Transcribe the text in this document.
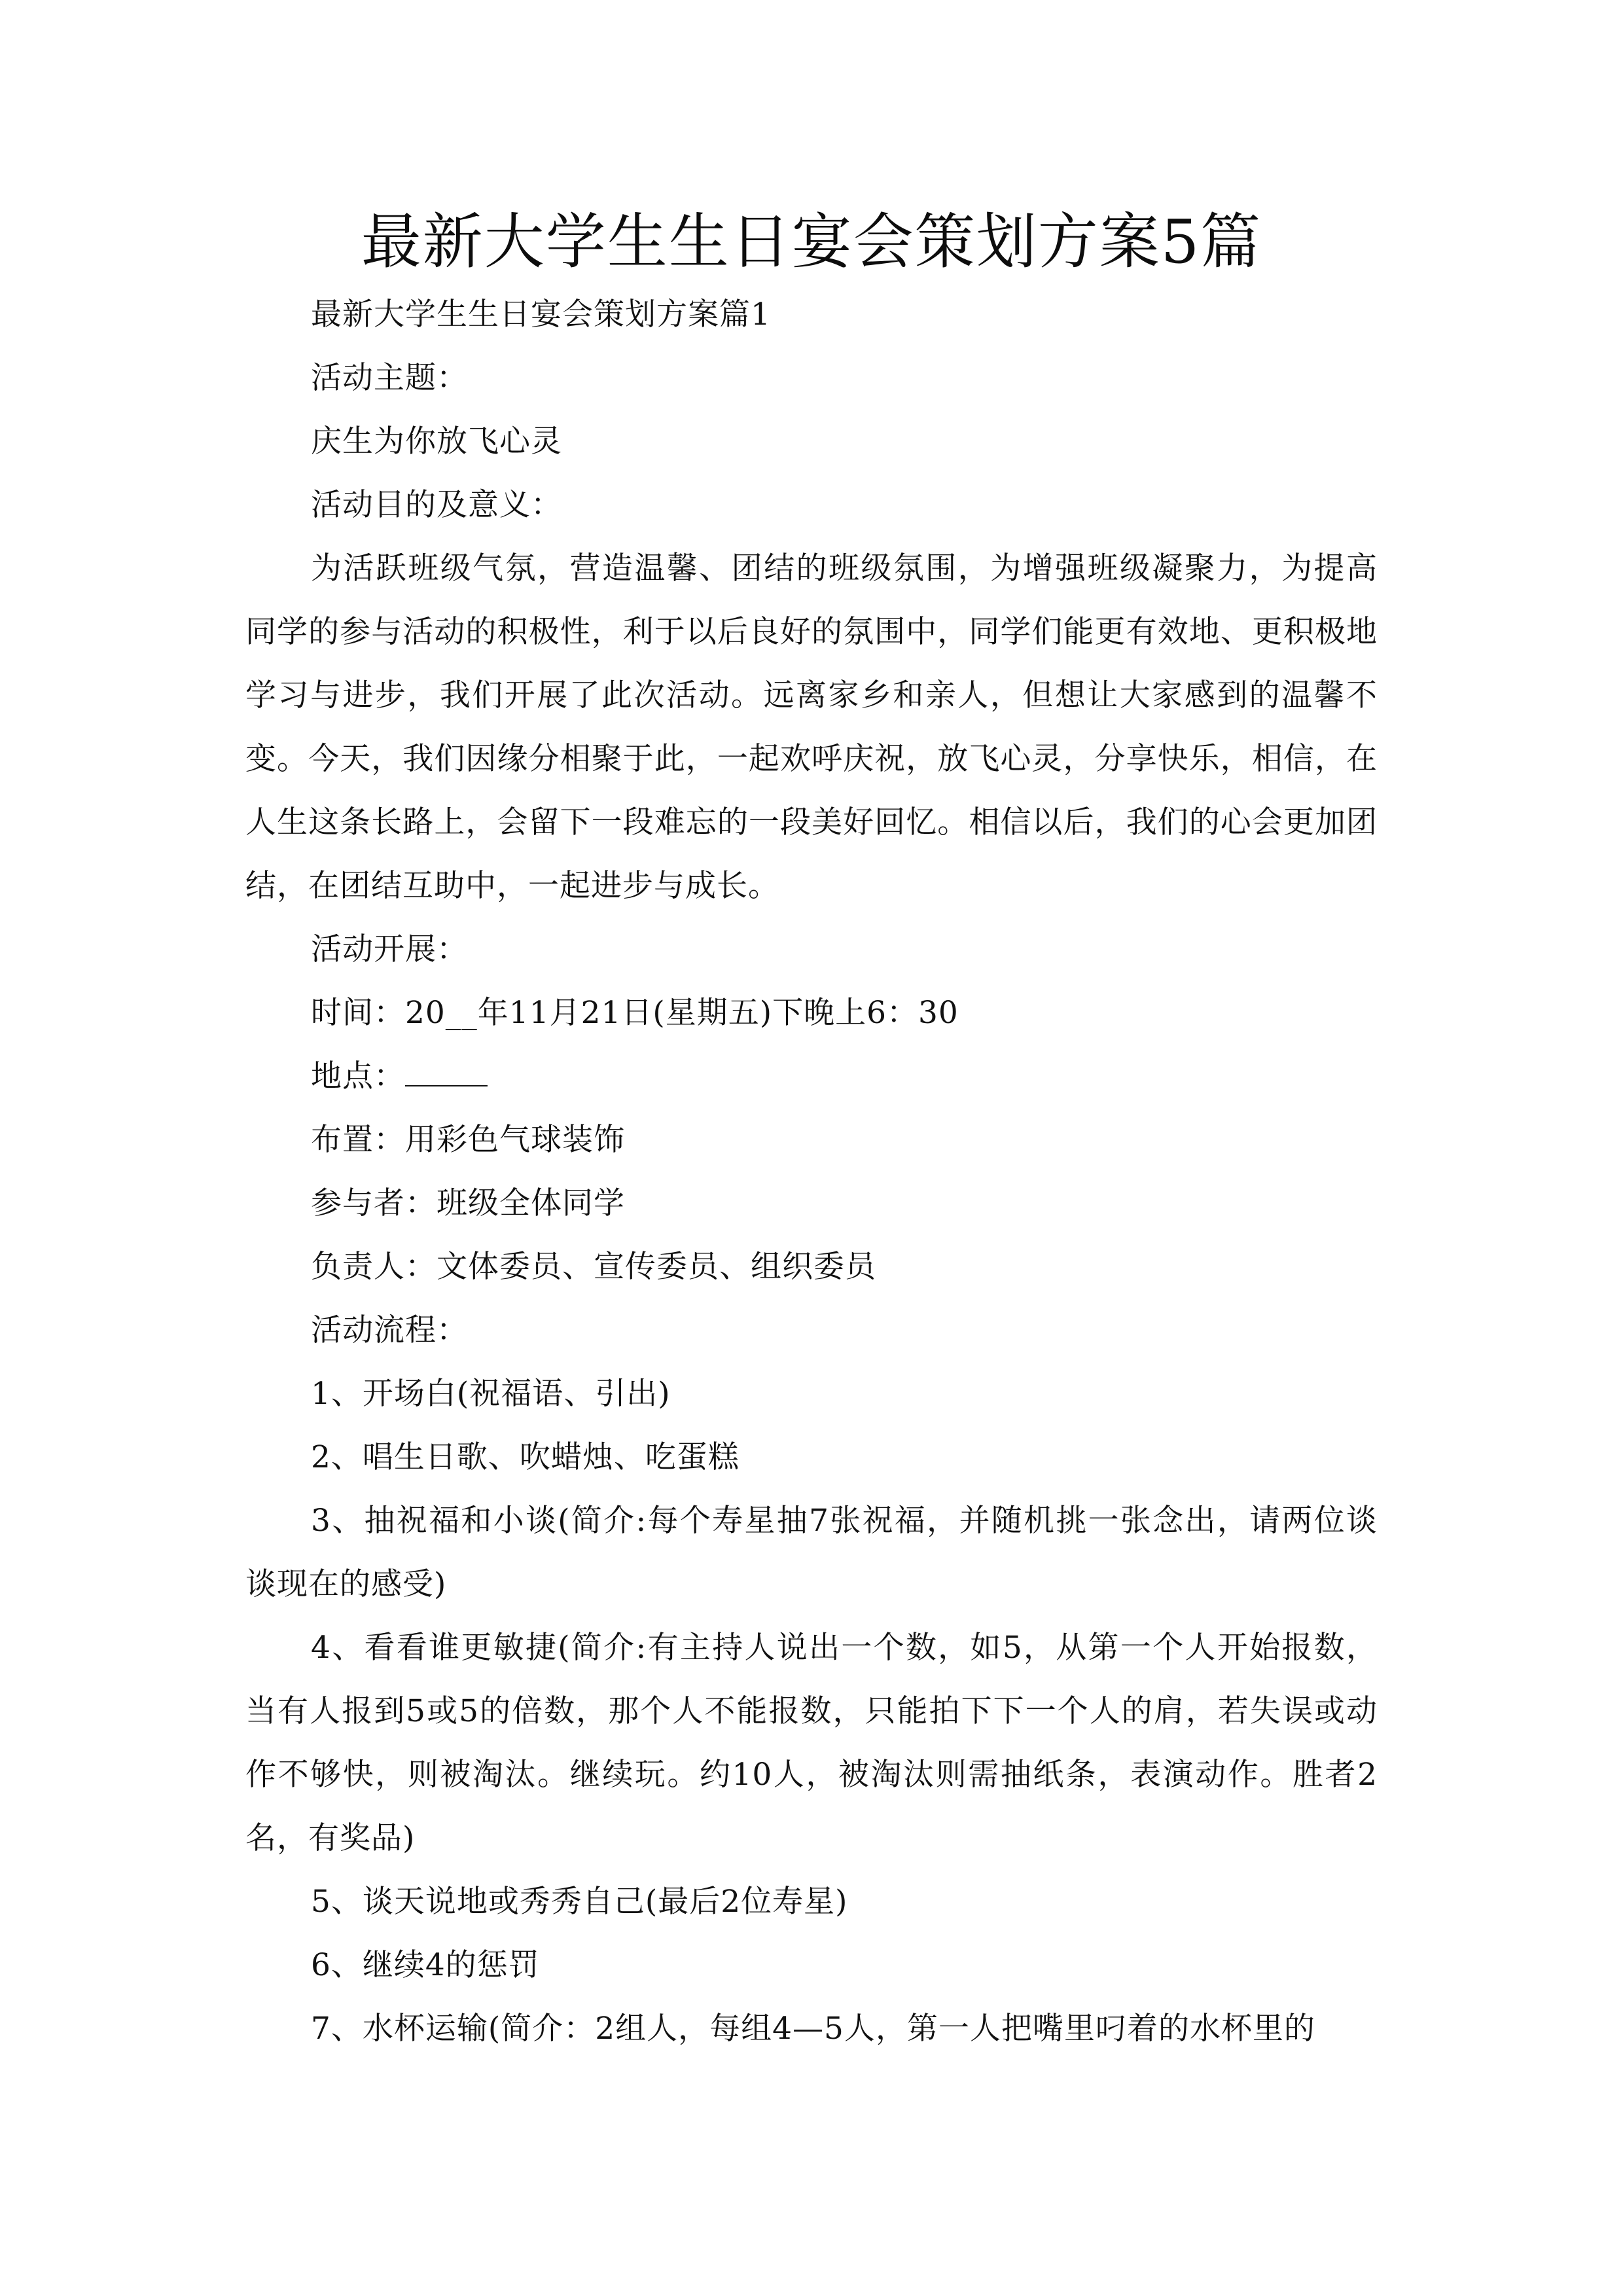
最新大学生生日宴会策划方案5篇
最新大学生生日宴会策划方案篇1
活动主题：
庆生为你放飞心灵
活动目的及意义：
为活跃班级气氛，营造温馨、团结的班级氛围，为增强班级凝聚力，为提高同学的参与活动的积极性，利于以后良好的氛围中，同学们能更有效地、更积极地学习与进步，我们开展了此次活动。远离家乡和亲人，但想让大家感到的温馨不变。今天，我们因缘分相聚于此，一起欢呼庆祝，放飞心灵，分享快乐，相信，在人生这条长路上，会留下一段难忘的一段美好回忆。相信以后，我们的心会更加团结，在团结互助中，一起进步与成长。
活动开展：
时间：20__年11月21日(星期五)下晚上6：30
地点：
布置：用彩色气球装饰
参与者：班级全体同学
负责人：文体委员、宣传委员、组织委员
活动流程：
1、开场白(祝福语、引出)
2、唱生日歌、吹蜡烛、吃蛋糕
3、抽祝福和小谈(简介:每个寿星抽7张祝福，并随机挑一张念出，请两位谈谈现在的感受)
4、看看谁更敏捷(简介:有主持人说出一个数，如5，从第一个人开始报数，当有人报到5或5的倍数，那个人不能报数，只能拍下下一个人的肩，若失误或动作不够快，则被淘汰。继续玩。约10人，被淘汰则需抽纸条，表演动作。胜者2名，有奖品)
5、谈天说地或秀秀自己(最后2位寿星)
6、继续4的惩罚
7、水杯运输(简介：2组人，每组4—5人，第一人把嘴里叼着的水杯里的
